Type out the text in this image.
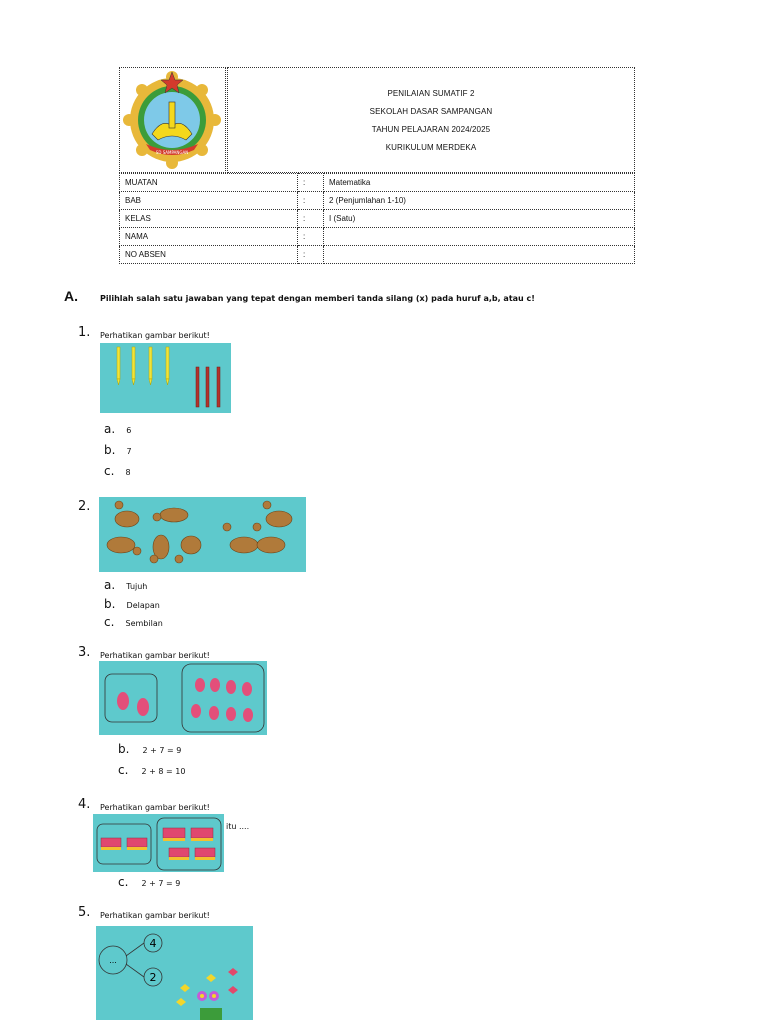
SD SAMPANGAN
PENILAIAN SUMATIF 2
SEKOLAH DASAR SAMPANGAN
TAHUN PELAJARAN 2024/2025
KURIKULUM MERDEKA
MUATAN	:	Matematika
BAB	:	2 (Penjumlahan 1-10)
KELAS	:	I (Satu)
NAMA	:	
NO ABSEN	:	
A.	Pilihlah salah satu jawaban yang tepat dengan memberi tanda silang (x) pada huruf a,b, atau c!
1. Perhatikan gambar berikut!
a. 6
b. 7
c. 8
2.
a. Tujuh
b. Delapan
c. Sembilan
3. Perhatikan gambar berikut!
b. 2 + 7 = 9
c. 2 + 8 = 10
4. Perhatikan gambar berikut!
itu ....
c. 2 + 7 = 9
5. Perhatikan gambar berikut!
...
4
2
